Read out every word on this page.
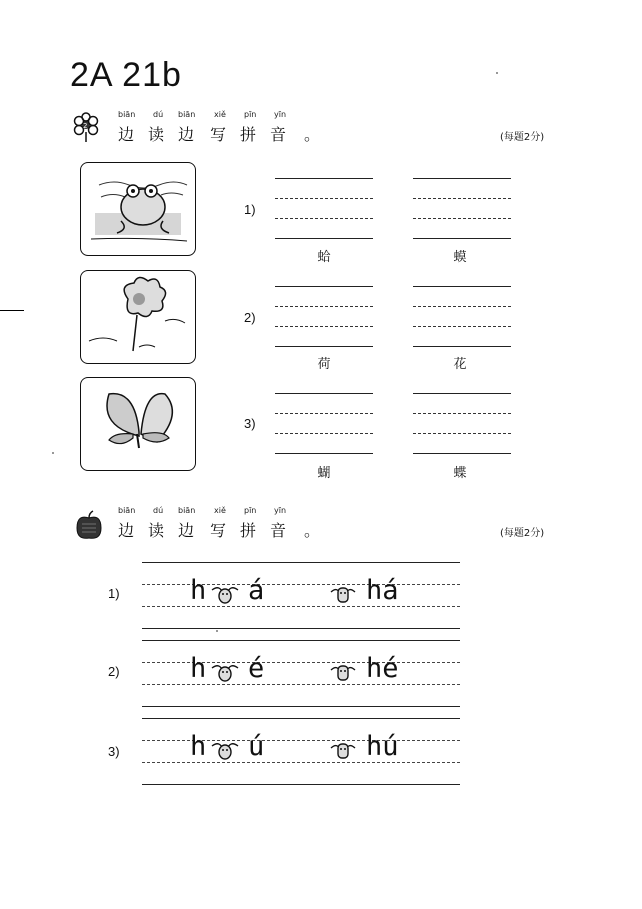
2A 21b
2
biān dú biān xiě pīn yīn
边 读 边 写 拼 音 。	(每题2分)
1)
2)
3)
蛤	蟆
荷	花
蝴	蝶
biān dú biān xiě pīn yīn
边 读 边 写 拼 音 。	(每题2分)
1)	h á	há
2)	h é	hé
3)	h ú	hú
